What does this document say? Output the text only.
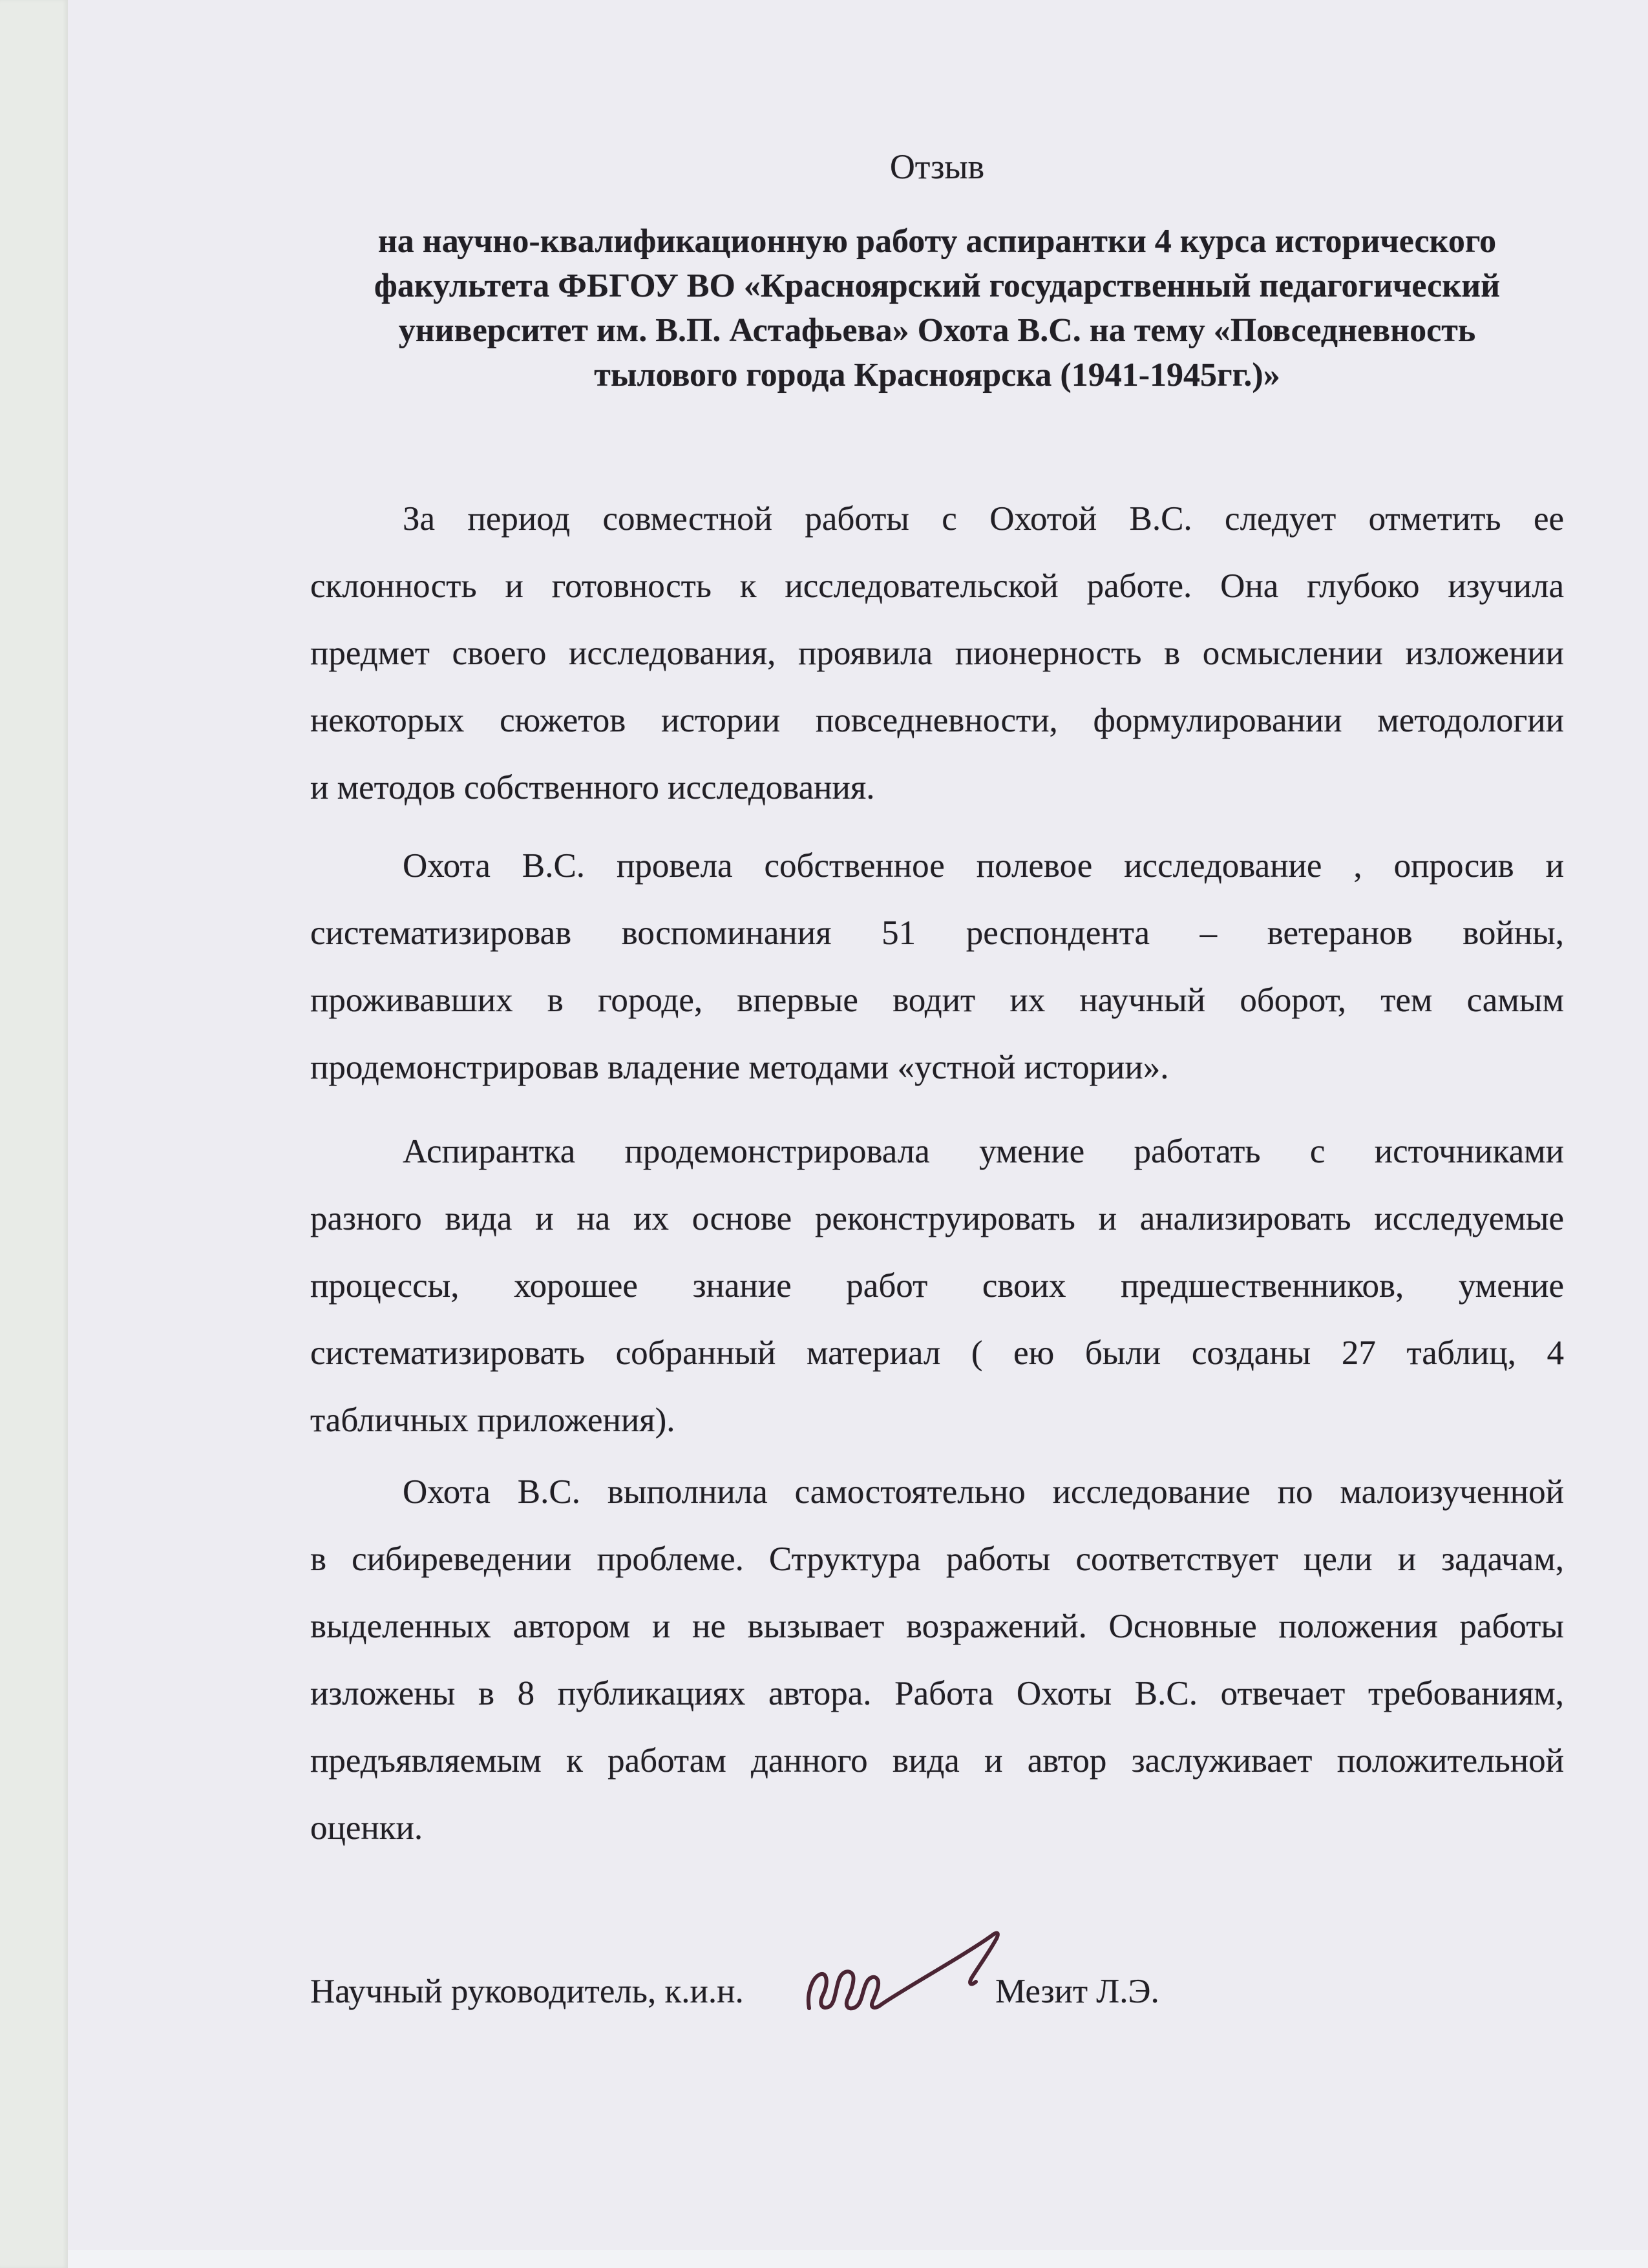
Отзыв
на научно-квалификационную работу аспирантки 4 курса исторического
факультета ФБГОУ ВО «Красноярский государственный педагогический
университет им. В.П. Астафьева» Охота В.С. на тему «Повседневность
тылового города Красноярска (1941-1945гг.)»
За период совместной работы с Охотой В.С. следует отметить ее
склонность и готовность к исследовательской работе. Она глубоко изучила
предмет своего исследования, проявила пионерность в осмыслении изложении
некоторых сюжетов истории повседневности, формулировании методологии
и методов собственного исследования.
Охота В.С. провела собственное полевое исследование , опросив и
систематизировав воспоминания 51 респондента – ветеранов войны,
проживавших в городе, впервые водит их научный оборот, тем самым
продемонстрировав владение методами «устной истории».
Аспирантка продемонстрировала умение работать с источниками
разного вида и на их основе реконструировать и анализировать исследуемые
процессы, хорошее знание работ своих предшественников, умение
систематизировать собранный материал ( ею были созданы 27 таблиц, 4
табличных приложения).
Охота В.С. выполнила самостоятельно исследование по малоизученной
в сибиреведении проблеме. Структура работы соответствует цели и задачам,
выделенных автором и не вызывает возражений. Основные положения работы
изложены в 8 публикациях автора. Работа Охоты В.С. отвечает требованиям,
предъявляемым к работам данного вида и автор заслуживает положительной
оценки.
Научный руководитель, к.и.н.	Мезит Л.Э.
